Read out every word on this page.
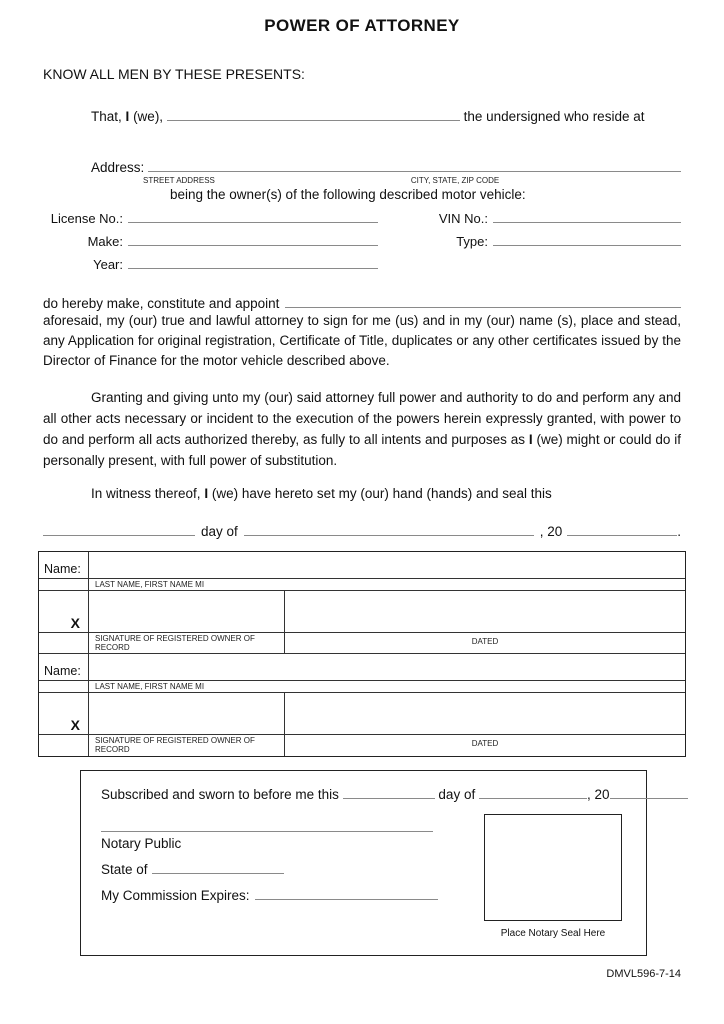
POWER OF ATTORNEY
KNOW ALL MEN BY THESE PRESENTS:
That, I (we),	the undersigned who reside at
Address:
STREET ADDRESS	CITY, STATE, ZIP CODE
being the owner(s) of the following described motor vehicle:
License No.:	VIN No.:
Make:	Type:
Year:
do hereby make, constitute and appoint
aforesaid, my (our) true and lawful attorney to sign for me (us) and in my (our) name (s), place and stead, any Application for original registration, Certificate of Title, duplicates or any other certificates issued by the Director of Finance for the motor vehicle described above.
Granting and giving unto my (our) said attorney full power and authority to do and perform any and all other acts necessary or incident to the execution of the powers herein expressly granted, with power to do and perform all acts authorized thereby, as fully to all intents and purposes as I (we) might or could do if personally present, with full power of substitution.
In witness thereof, I (we) have hereto set my (our) hand (hands) and seal this
day of	, 20	.
Name:
LAST NAME, FIRST NAME MI
X
SIGNATURE OF REGISTERED OWNER OF RECORD
DATED
Name:
LAST NAME, FIRST NAME MI
X
SIGNATURE OF REGISTERED OWNER OF RECORD
DATED
Subscribed and sworn to before me this	day of	, 20
Notary Public
State of
My Commission Expires:
Place Notary Seal Here
DMVL596-7-14
